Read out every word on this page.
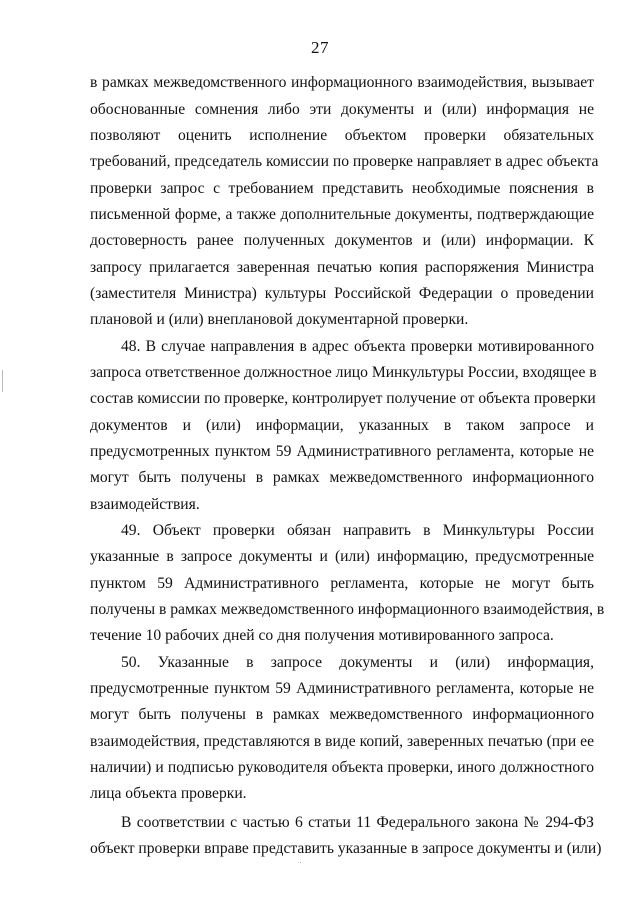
27
в рамках межведомственного информационного взаимодействия, вызывает
обоснованные сомнения либо эти документы и (или) информация не
позволяют оценить исполнение объектом проверки обязательных
требований, председатель комиссии по проверке направляет в адрес объекта
проверки запрос с требованием представить необходимые пояснения в
письменной форме, а также дополнительные документы, подтверждающие
достоверность ранее полученных документов и (или) информации. К
запросу прилагается заверенная печатью копия распоряжения Министра
(заместителя Министра) культуры Российской Федерации о проведении
плановой и (или) внеплановой документарной проверки.
48. В случае направления в адрес объекта проверки мотивированного
запроса ответственное должностное лицо Минкультуры России, входящее в
состав комиссии по проверке, контролирует получение от объекта проверки
документов и (или) информации, указанных в таком запросе и
предусмотренных пунктом 59 Административного регламента, которые не
могут быть получены в рамках межведомственного информационного
взаимодействия.
49. Объект проверки обязан направить в Минкультуры России
указанные в запросе документы и (или) информацию, предусмотренные
пунктом 59 Административного регламента, которые не могут быть
получены в рамках межведомственного информационного взаимодействия, в
течение 10 рабочих дней со дня получения мотивированного запроса.
50. Указанные в запросе документы и (или) информация,
предусмотренные пунктом 59 Административного регламента, которые не
могут быть получены в рамках межведомственного информационного
взаимодействия, представляются в виде копий, заверенных печатью (при ее
наличии) и подписью руководителя объекта проверки, иного должностного
лица объекта проверки.
В соответствии с частью 6 статьи 11 Федерального закона № 294-ФЗ
объект проверки вправе представить указанные в запросе документы и (или)
